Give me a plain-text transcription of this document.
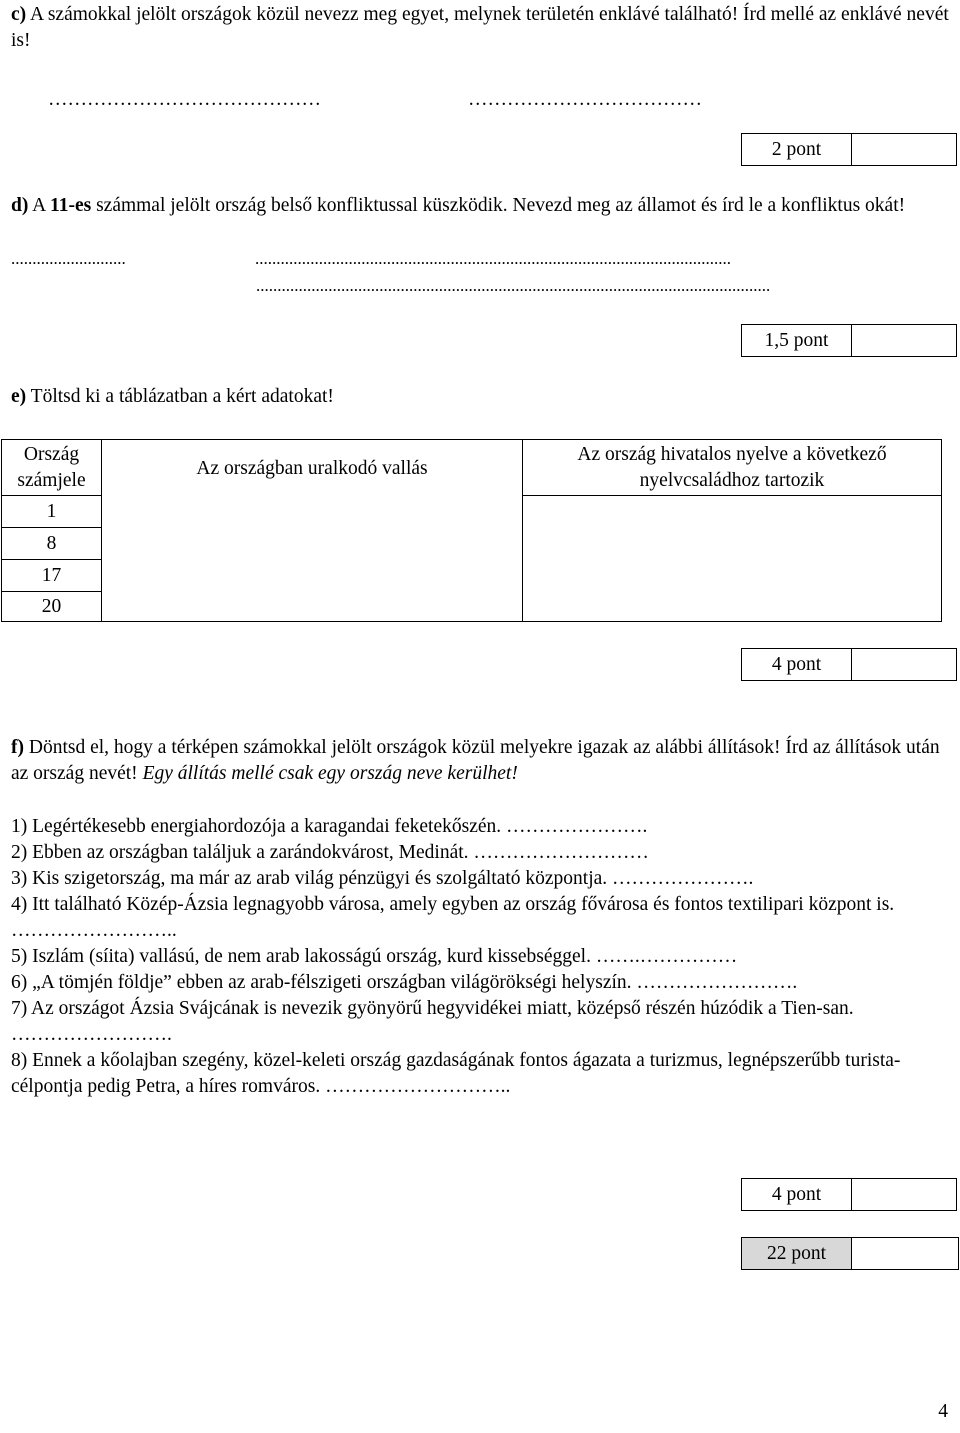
c) A számokkal jelölt országok közül nevezz meg egyet, melynek területén enklávé található! Írd mellé az enklávé nevét is!
……………………………………	………………………………
2 pont
d) A 11-es számmal jelölt ország belső konfliktussal küszködik. Nevezd meg az államot és írd le a konfliktus okát!
...........................	................................................................................................................
.........................................................................................................................
1,5 pont
e) Töltsd ki a táblázatban a kért adatokat!
Ország számjele	Az országban uralkodó vallás	Az ország hivatalos nyelve a következő nyelvcsaládhoz tartozik
1		
8		
17		
20		
4 pont
f) Döntsd el, hogy a térképen számokkal jelölt országok közül melyekre igazak az alábbi állítások! Írd az állítások után az ország nevét! Egy állítás mellé csak egy ország neve kerülhet!
1) Legértékesebb energiahordozója a karagandai feketekőszén. ………………….
2) Ebben az országban találjuk a zarándokvárost, Medinát. ………………………
3) Kis szigetország, ma már az arab világ pénzügyi és szolgáltató központja. ………………….
4) Itt található Közép-Ázsia legnagyobb városa, amely egyben az ország fővárosa és fontos textilipari központ is. ……………………..
5) Iszlám (síita) vallású, de nem arab lakosságú ország, kurd kissebséggel. …….……………
6) „A tömjén földje” ebben az arab-félszigeti országban világörökségi helyszín. …………………….
7) Az országot Ázsia Svájcának is nevezik gyönyörű hegyvidékei miatt, középső részén húzódik a Tien-san. …………………….
8) Ennek a kőolajban szegény, közel-keleti ország gazdaságának fontos ágazata a turizmus, legnépszerűbb turista-célpontja pedig Petra, a híres romváros. ………………………..
4 pont
22 pont
4
